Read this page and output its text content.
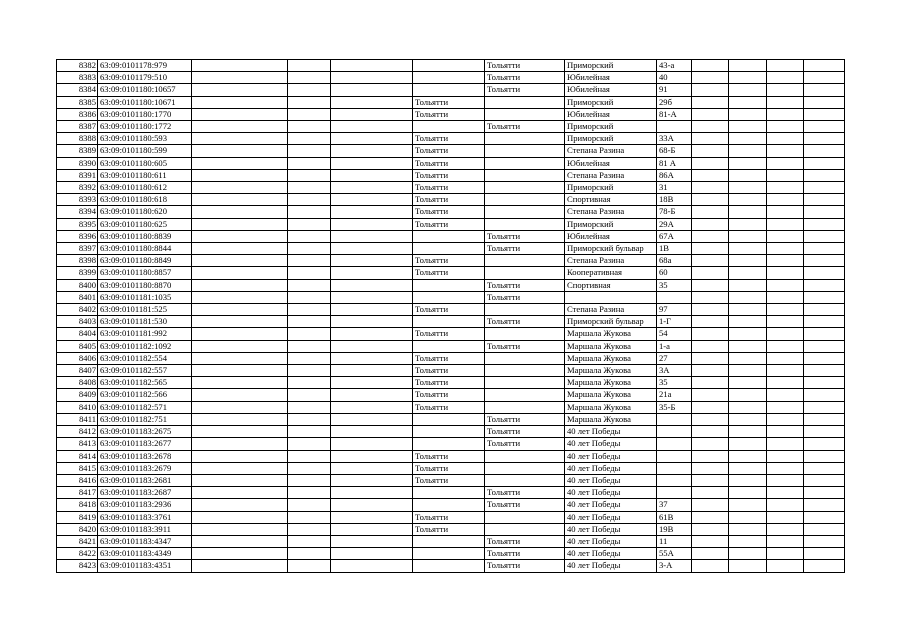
8382	63:09:0101178:979					Тольятти	Приморский	43-а				
8383	63:09:0101179:510					Тольятти	Юбилейная	40				
8384	63:09:0101180:10657					Тольятти	Юбилейная	91				
8385	63:09:0101180:10671				Тольятти		Приморский	29б				
8386	63:09:0101180:1770				Тольятти		Юбилейная	81-А				
8387	63:09:0101180:1772					Тольятти	Приморский					
8388	63:09:0101180:593				Тольятти		Приморский	33А				
8389	63:09:0101180:599				Тольятти		Степана Разина	68-Б				
8390	63:09:0101180:605				Тольятти		Юбилейная	81 А				
8391	63:09:0101180:611				Тольятти		Степана Разина	86А				
8392	63:09:0101180:612				Тольятти		Приморский	31				
8393	63:09:0101180:618				Тольятти		Спортивная	18В				
8394	63:09:0101180:620				Тольятти		Степана Разина	78-Б				
8395	63:09:0101180:625				Тольятти		Приморский	29А				
8396	63:09:0101180:8839					Тольятти	Юбилейная	67А				
8397	63:09:0101180:8844					Тольятти	Приморский бульвар	1В				
8398	63:09:0101180:8849				Тольятти		Степана Разина	68а				
8399	63:09:0101180:8857				Тольятти		Кооперативная	60				
8400	63:09:0101180:8870					Тольятти	Спортивная	35				
8401	63:09:0101181:1035					Тольятти						
8402	63:09:0101181:525				Тольятти		Степана Разина	97				
8403	63:09:0101181:530					Тольятти	Приморский бульвар	1-Г				
8404	63:09:0101181:992				Тольятти		Маршала Жукова	54				
8405	63:09:0101182:1092					Тольятти	Маршала Жукова	1-а				
8406	63:09:0101182:554				Тольятти		Маршала Жукова	27				
8407	63:09:0101182:557				Тольятти		Маршала Жукова	3А				
8408	63:09:0101182:565				Тольятти		Маршала Жукова	35				
8409	63:09:0101182:566				Тольятти		Маршала Жукова	21а				
8410	63:09:0101182:571				Тольятти		Маршала Жукова	35-Б				
8411	63:09:0101182:751					Тольятти	Маршала Жукова					
8412	63:09:0101183:2675					Тольятти	40 лет Победы					
8413	63:09:0101183:2677					Тольятти	40 лет Победы					
8414	63:09:0101183:2678				Тольятти		40 лет Победы					
8415	63:09:0101183:2679				Тольятти		40 лет Победы					
8416	63:09:0101183:2681				Тольятти		40 лет Победы					
8417	63:09:0101183:2687					Тольятти	40 лет Победы					
8418	63:09:0101183:2936					Тольятти	40 лет Победы	37				
8419	63:09:0101183:3761				Тольятти		40 лет Победы	61В				
8420	63:09:0101183:3911				Тольятти		40 лет Победы	19В				
8421	63:09:0101183:4347					Тольятти	40 лет Победы	11				
8422	63:09:0101183:4349					Тольятти	40 лет Победы	55А				
8423	63:09:0101183:4351					Тольятти	40 лет Победы	3-А				
